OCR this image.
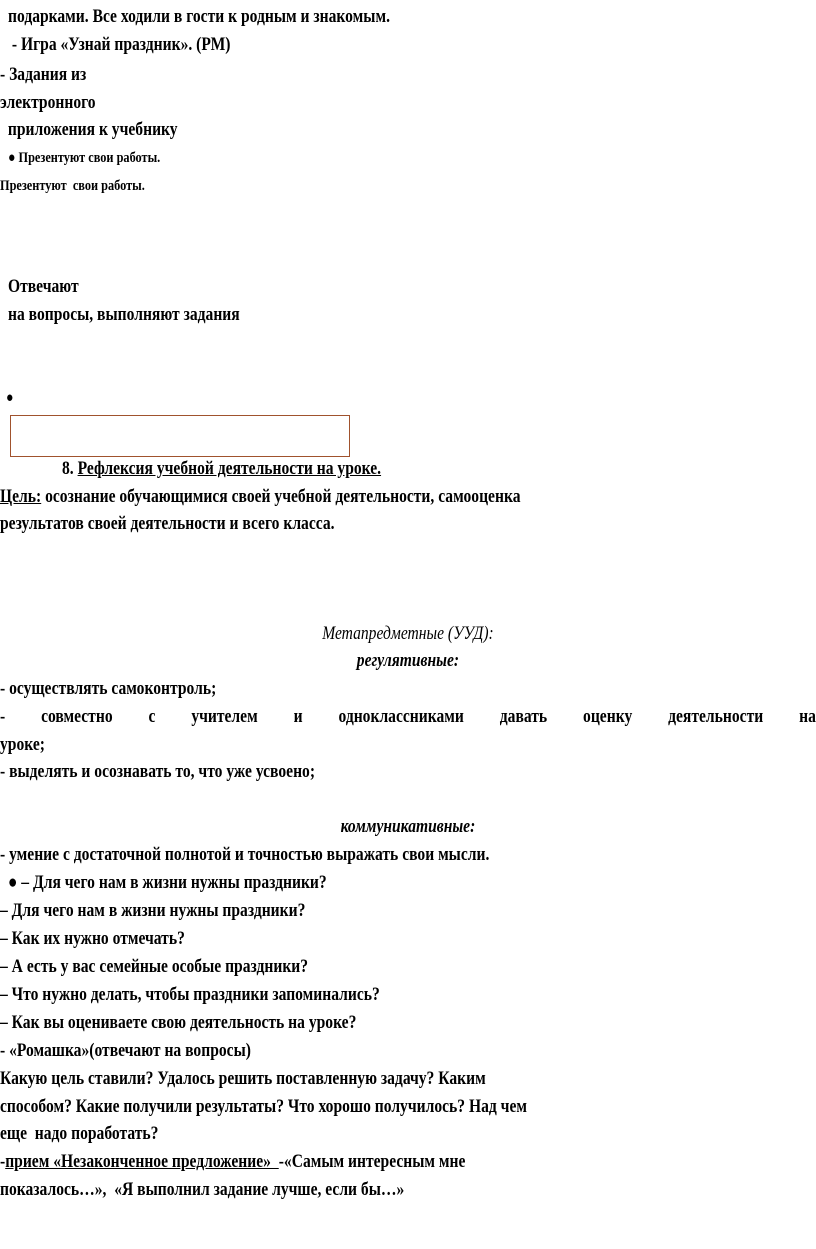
подарками. Все ходили в гости к родным и знакомым.
- Игра «Узнай праздник». (РМ)
- Задания из
электронного
приложения к учебнику
● Презентуют свои работы.
Презентуют  свои работы.
Отвечают
на вопросы, выполняют задания
●
8. Рефлексия учебной деятельности на уроке.
Цель: осознание обучающимися своей учебной деятельности, самооценка
результатов своей деятельности и всего класса.
Метапредметные (УУД):
регулятивные:
- осуществлять самоконтроль;
- совместно с учителем и одноклассниками давать оценку деятельности на
уроке;
- выделять и осознавать то, что уже усвоено;
коммуникативные:
- умение с достаточной полнотой и точностью выражать свои мысли.
● – Для чего нам в жизни нужны праздники?
– Для чего нам в жизни нужны праздники?
– Как их нужно отмечать?
– А есть у вас семейные особые праздники?
– Что нужно делать, чтобы праздники запоминались?
– Как вы оцениваете свою деятельность на уроке?
- «Ромашка»(отвечают на вопросы)
Какую цель ставили? Удалось решить поставленную задачу? Каким
способом? Какие получили результаты? Что хорошо получилось? Над чем
еще  надо поработать?
-прием «Незаконченное предложение»  -«Самым интересным мне
показалось…»,  «Я выполнил задание лучше, если бы…»
